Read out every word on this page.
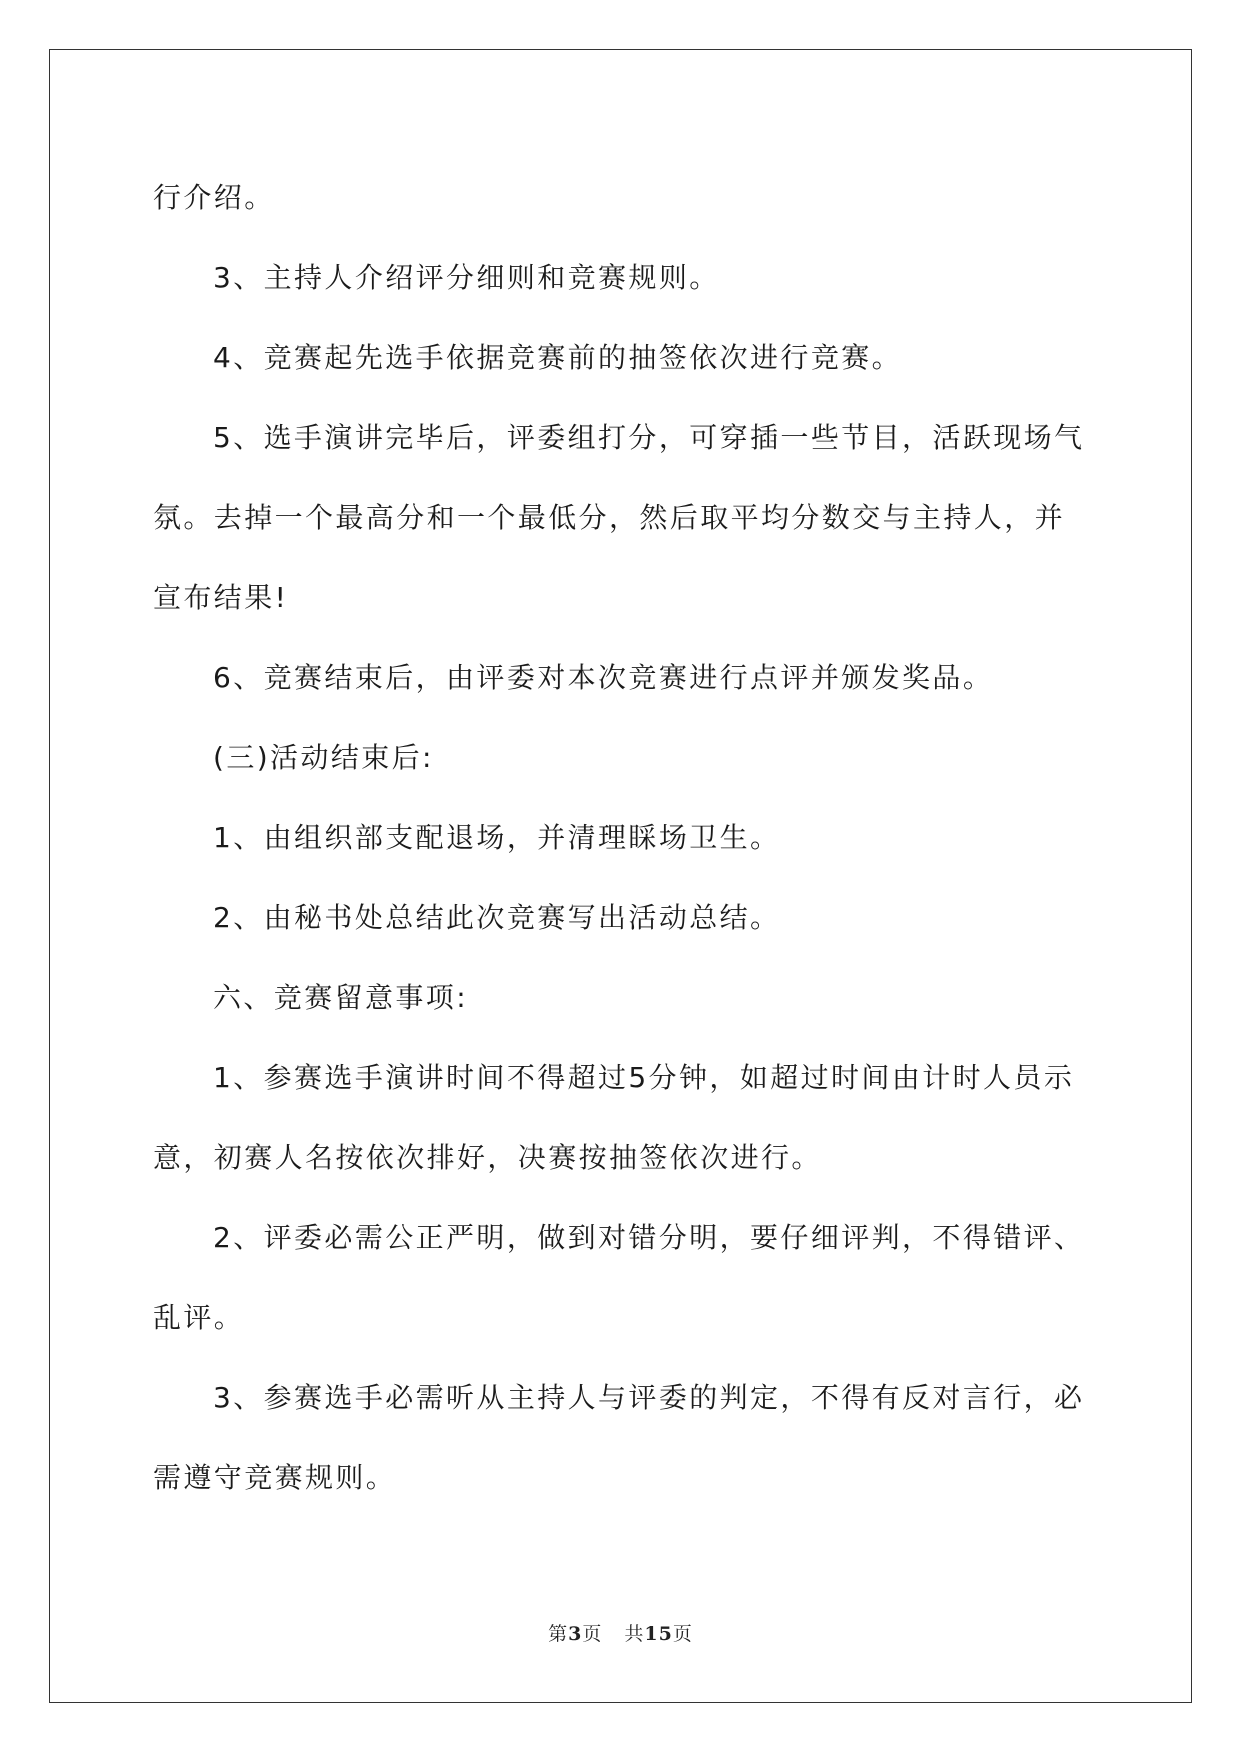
行介绍。
3、主持人介绍评分细则和竞赛规则。
4、竞赛起先选手依据竞赛前的抽签依次进行竞赛。
5、选手演讲完毕后，评委组打分，可穿插一些节目，活跃现场气
氛。去掉一个最高分和一个最低分，然后取平均分数交与主持人，并
宣布结果!
6、竞赛结束后，由评委对本次竞赛进行点评并颁发奖品。
(三)活动结束后:
1、由组织部支配退场，并清理睬场卫生。
2、由秘书处总结此次竞赛写出活动总结。
六、竞赛留意事项:
1、参赛选手演讲时间不得超过5分钟，如超过时间由计时人员示
意，初赛人名按依次排好，决赛按抽签依次进行。
2、评委必需公正严明，做到对错分明，要仔细评判，不得错评、
乱评。
3、参赛选手必需听从主持人与评委的判定，不得有反对言行，必
需遵守竞赛规则。
第3页 共15页
